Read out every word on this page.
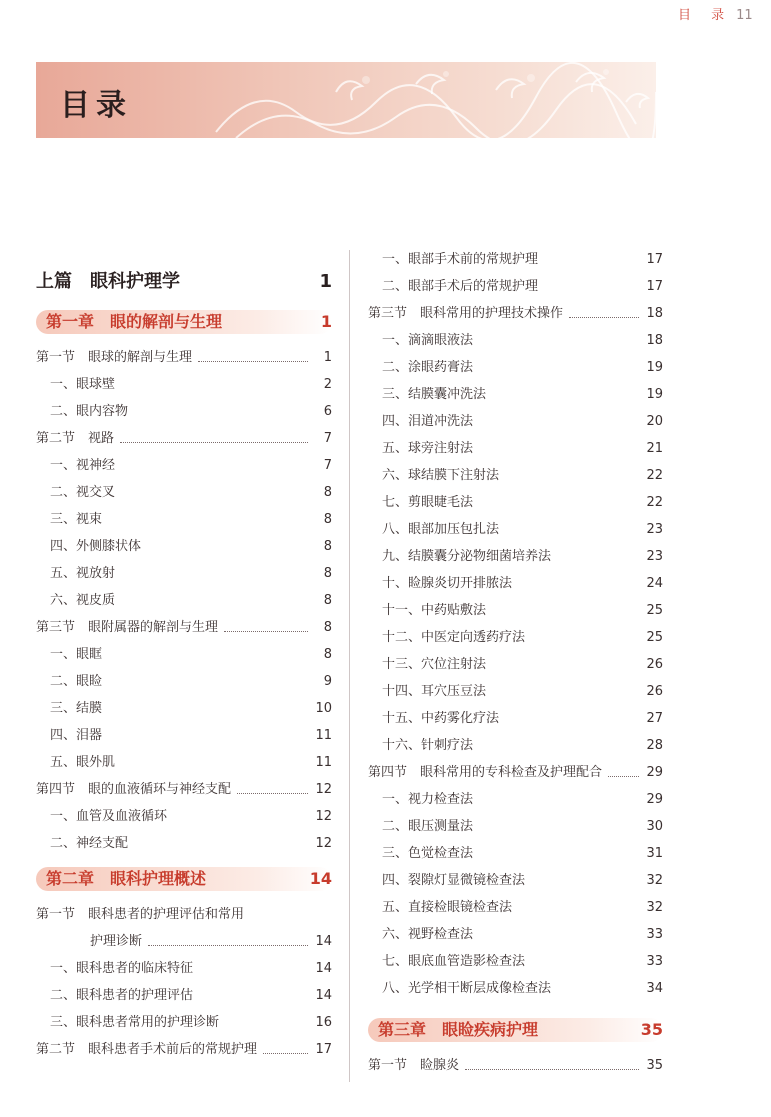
目 录 11
目录
上篇　眼科护理学	1
第一章　眼的解剖与生理	1
第一节　眼球的解剖与生理	1
一、眼球壁	2
二、眼内容物	6
第二节　视路	7
一、视神经	7
二、视交叉	8
三、视束	8
四、外侧膝状体	8
五、视放射	8
六、视皮质	8
第三节　眼附属器的解剖与生理	8
一、眼眶	8
二、眼睑	9
三、结膜	10
四、泪器	11
五、眼外肌	11
第四节　眼的血液循环与神经支配	12
一、血管及血液循环	12
二、神经支配	12
第二章　眼科护理概述	14
第一节　眼科患者的护理评估和常用
护理诊断	14
一、眼科患者的临床特征	14
二、眼科患者的护理评估	14
三、眼科患者常用的护理诊断	16
第二节　眼科患者手术前后的常规护理	17
一、眼部手术前的常规护理	17
二、眼部手术后的常规护理	17
第三节　眼科常用的护理技术操作	18
一、滴滴眼液法	18
二、涂眼药膏法	19
三、结膜囊冲洗法	19
四、泪道冲洗法	20
五、球旁注射法	21
六、球结膜下注射法	22
七、剪眼睫毛法	22
八、眼部加压包扎法	23
九、结膜囊分泌物细菌培养法	23
十、睑腺炎切开排脓法	24
十一、中药贴敷法	25
十二、中医定向透药疗法	25
十三、穴位注射法	26
十四、耳穴压豆法	26
十五、中药雾化疗法	27
十六、针刺疗法	28
第四节　眼科常用的专科检查及护理配合	29
一、视力检查法	29
二、眼压测量法	30
三、色觉检查法	31
四、裂隙灯显微镜检查法	32
五、直接检眼镜检查法	32
六、视野检查法	33
七、眼底血管造影检查法	33
八、光学相干断层成像检查法	34
第三章　眼睑疾病护理	35
第一节　睑腺炎	35
